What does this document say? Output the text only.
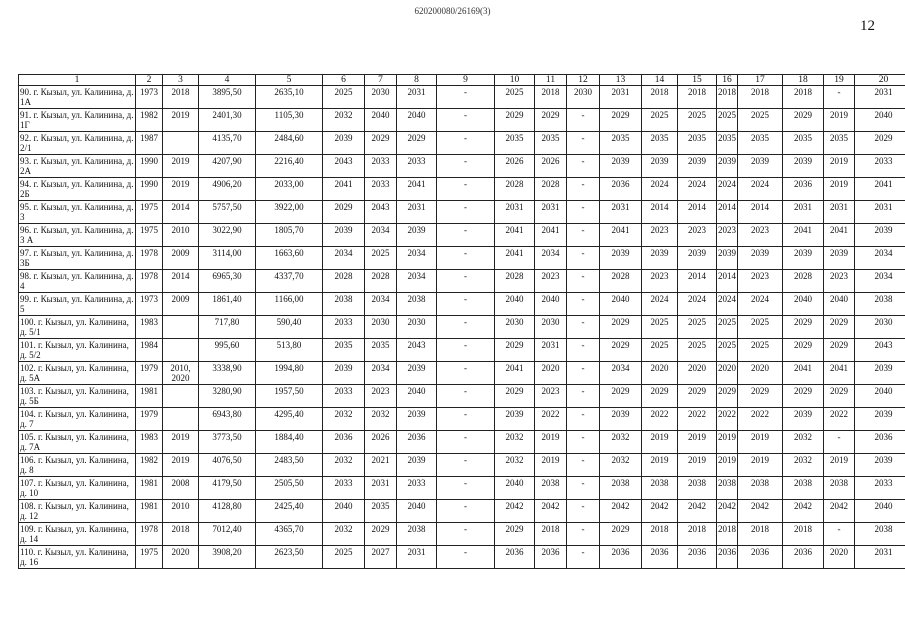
620200080/26169(3)
12
1	2	3	4	5	6	7	8	9	10	11	12	13	14	15	16	17	18	19	20
90. г. Кызыл, ул. Калинина, д. 1А	1973	2018	3895,50	2635,10	2025	2030	2031	-	2025	2018	2030	2031	2018	2018	2018	2018	2018	-	2031
91. г. Кызыл, ул. Калинина, д. 1Г	1982	2019	2401,30	1105,30	2032	2040	2040	-	2029	2029	-	2029	2025	2025	2025	2025	2029	2019	2040
92. г. Кызыл, ул. Калинина, д. 2/1	1987		4135,70	2484,60	2039	2029	2029	-	2035	2035	-	2035	2035	2035	2035	2035	2035	2035	2029
93. г. Кызыл, ул. Калинина, д. 2А	1990	2019	4207,90	2216,40	2043	2033	2033	-	2026	2026	-	2039	2039	2039	2039	2039	2039	2019	2033
94. г. Кызыл, ул. Калинина, д. 2Б	1990	2019	4906,20	2033,00	2041	2033	2041	-	2028	2028	-	2036	2024	2024	2024	2024	2036	2019	2041
95. г. Кызыл, ул. Калинина, д. 3	1975	2014	5757,50	3922,00	2029	2043	2031	-	2031	2031	-	2031	2014	2014	2014	2014	2031	2031	2031
96. г. Кызыл, ул. Калинина, д. 3 А	1975	2010	3022,90	1805,70	2039	2034	2039	-	2041	2041	-	2041	2023	2023	2023	2023	2041	2041	2039
97. г. Кызыл, ул. Калинина, д. 3Б	1978	2009	3114,00	1663,60	2034	2025	2034	-	2041	2034	-	2039	2039	2039	2039	2039	2039	2039	2034
98. г. Кызыл, ул. Калинина, д. 4	1978	2014	6965,30	4337,70	2028	2028	2034	-	2028	2023	-	2028	2023	2014	2014	2023	2028	2023	2034
99. г. Кызыл, ул. Калинина, д. 5	1973	2009	1861,40	1166,00	2038	2034	2038	-	2040	2040	-	2040	2024	2024	2024	2024	2040	2040	2038
100. г. Кызыл, ул. Калинина, д. 5/1	1983		717,80	590,40	2033	2030	2030	-	2030	2030	-	2029	2025	2025	2025	2025	2029	2029	2030
101. г. Кызыл, ул. Калинина, д. 5/2	1984		995,60	513,80	2035	2035	2043	-	2029	2031	-	2029	2025	2025	2025	2025	2029	2029	2043
102. г. Кызыл, ул. Калинина, д. 5А	1979	2010, 2020	3338,90	1994,80	2039	2034	2039	-	2041	2020	-	2034	2020	2020	2020	2020	2041	2041	2039
103. г. Кызыл, ул. Калинина, д. 5Б	1981		3280,90	1957,50	2033	2023	2040	-	2029	2023	-	2029	2029	2029	2029	2029	2029	2029	2040
104. г. Кызыл, ул. Калинина, д. 7	1979		6943,80	4295,40	2032	2032	2039	-	2039	2022	-	2039	2022	2022	2022	2022	2039	2022	2039
105. г. Кызыл, ул. Калинина, д. 7А	1983	2019	3773,50	1884,40	2036	2026	2036	-	2032	2019	-	2032	2019	2019	2019	2019	2032	-	2036
106. г. Кызыл, ул. Калинина, д. 8	1982	2019	4076,50	2483,50	2032	2021	2039	-	2032	2019	-	2032	2019	2019	2019	2019	2032	2019	2039
107. г. Кызыл, ул. Калинина, д. 10	1981	2008	4179,50	2505,50	2033	2031	2033	-	2040	2038	-	2038	2038	2038	2038	2038	2038	2038	2033
108. г. Кызыл, ул. Калинина, д. 12	1981	2010	4128,80	2425,40	2040	2035	2040	-	2042	2042	-	2042	2042	2042	2042	2042	2042	2042	2040
109. г. Кызыл, ул. Калинина, д. 14	1978	2018	7012,40	4365,70	2032	2029	2038	-	2029	2018	-	2029	2018	2018	2018	2018	2018	-	2038
110. г. Кызыл, ул. Калинина, д. 16	1975	2020	3908,20	2623,50	2025	2027	2031	-	2036	2036	-	2036	2036	2036	2036	2036	2036	2020	2031
